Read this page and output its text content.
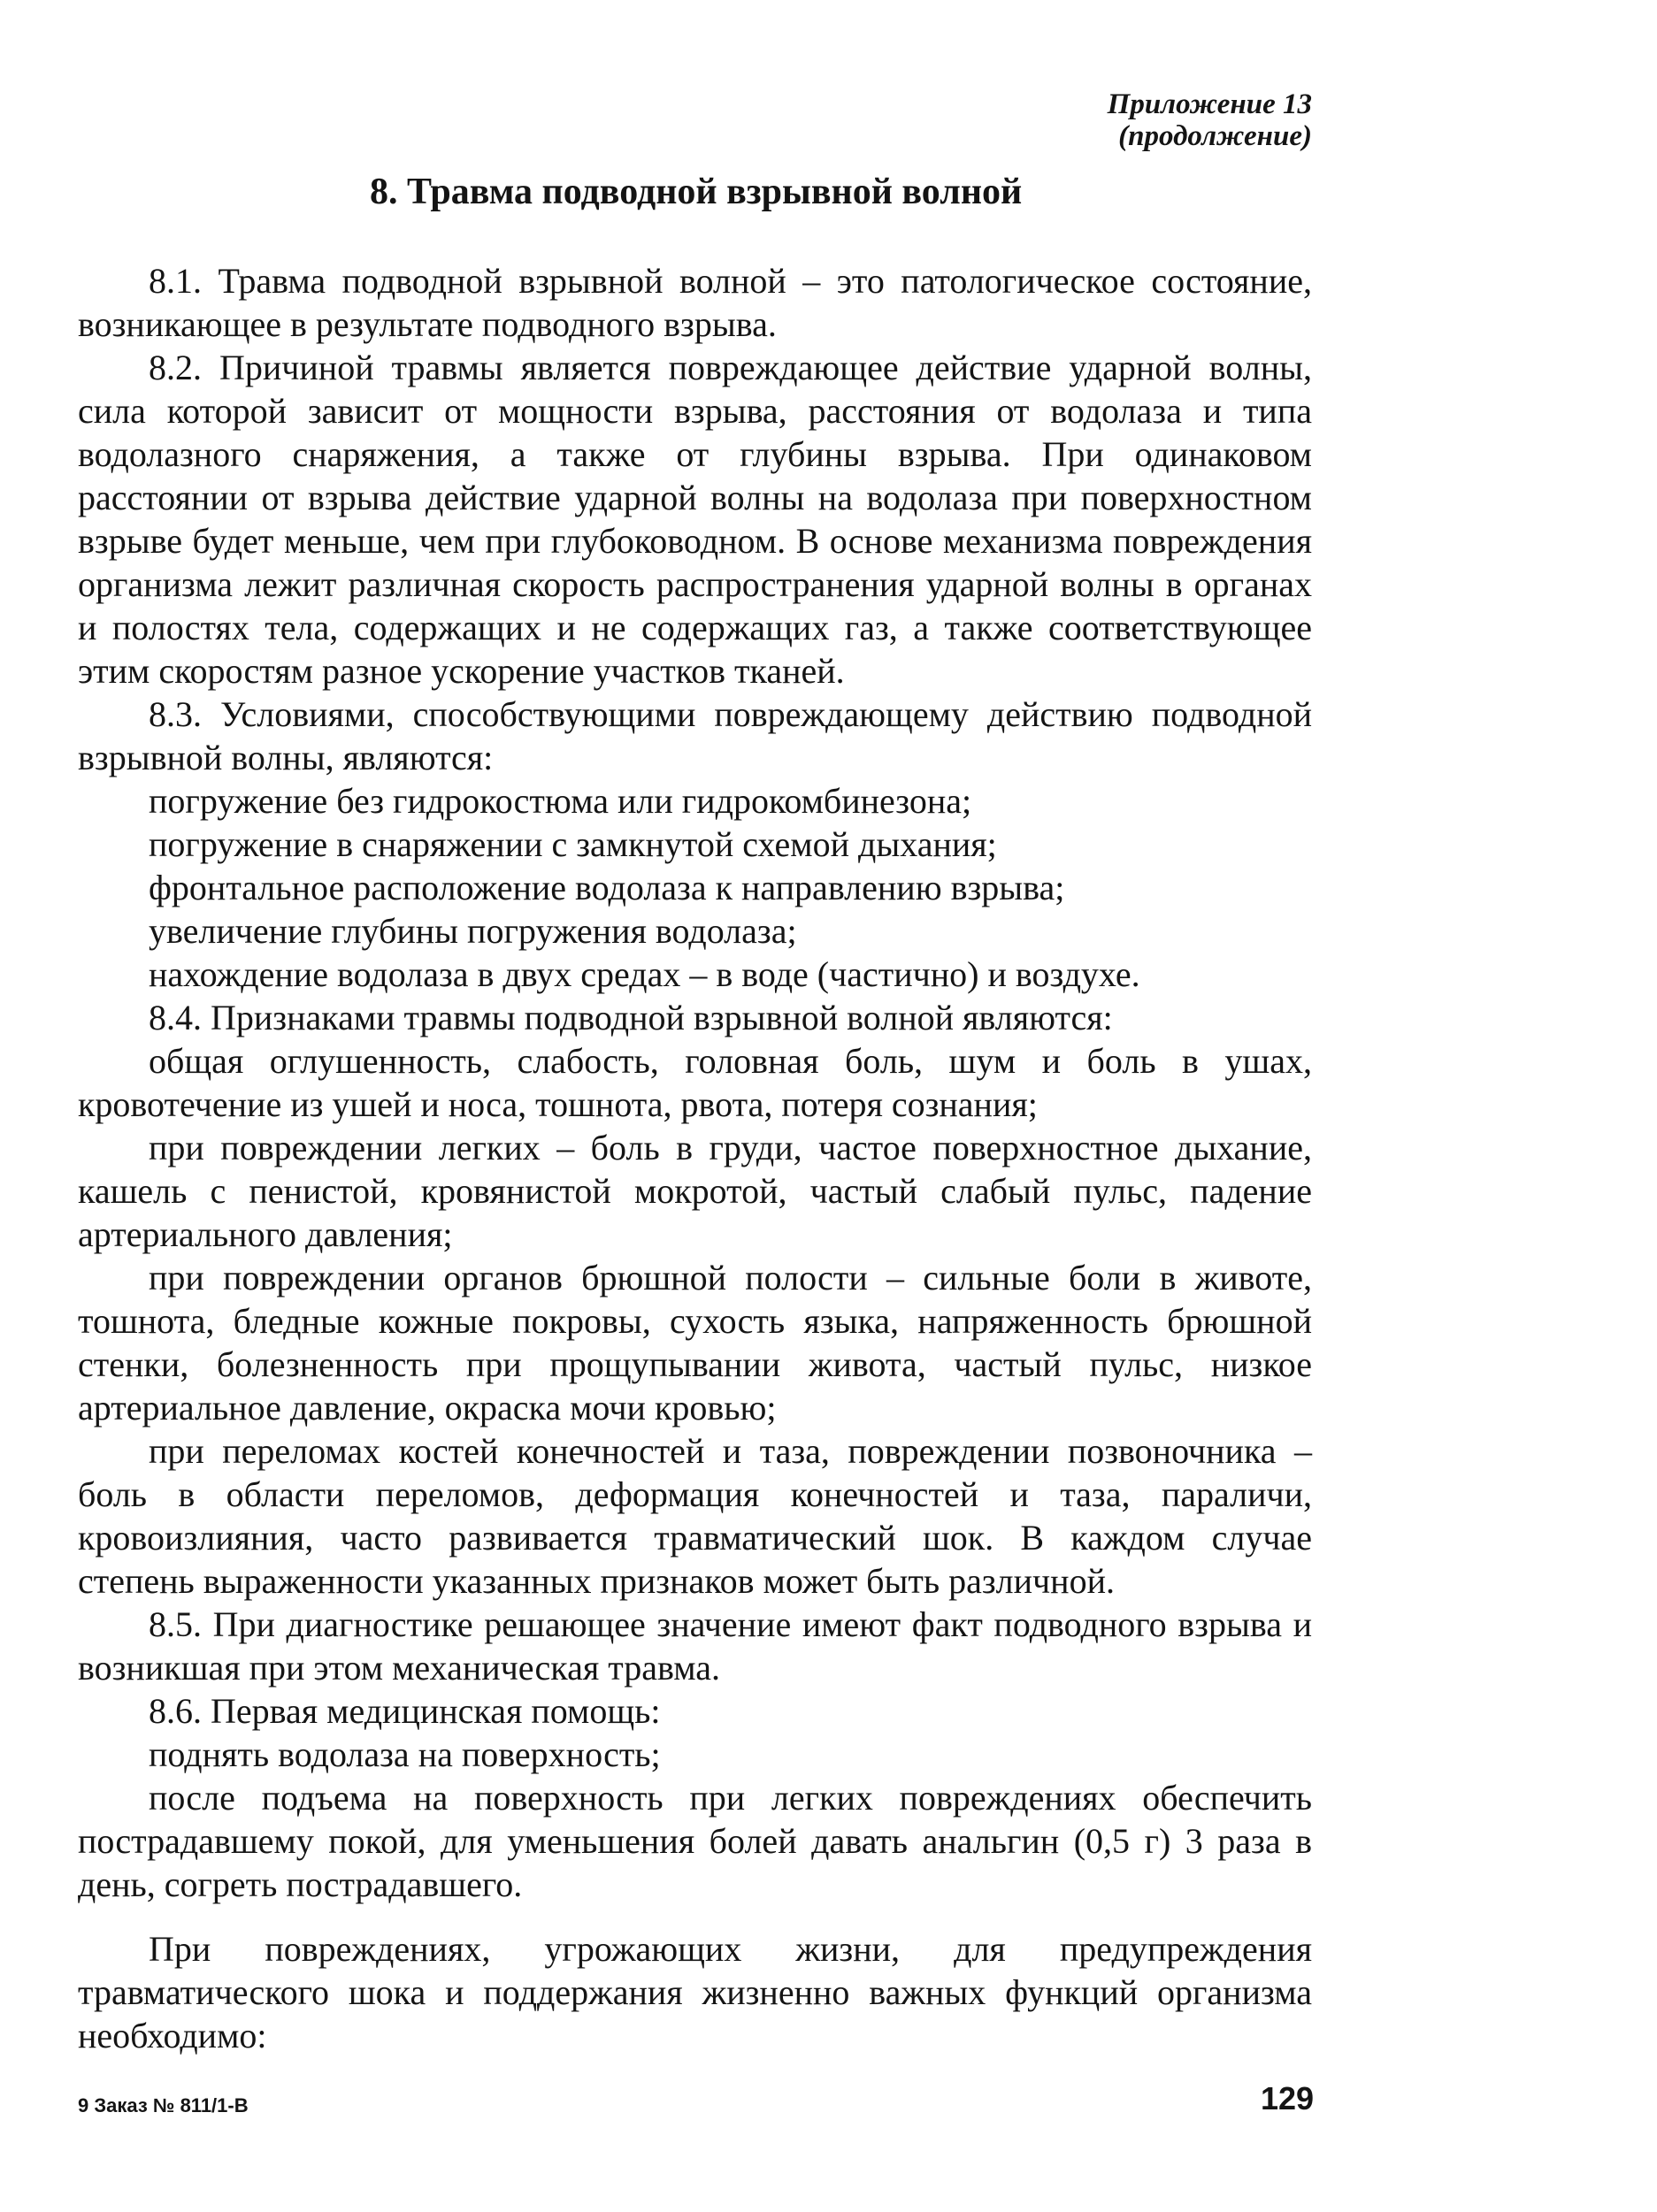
Приложение 13
(продолжение)
8. Травма подводной взрывной волной

8.1. Травма подводной взрывной волной – это патологическое состояние, возникающее в результате подводного взрыва.

8.2. Причиной травмы является повреждающее действие ударной волны, сила которой зависит от мощности взрыва, расстояния от водолаза и типа водолазного снаряжения, а также от глубины взрыва. При одинаковом расстоянии от взрыва действие ударной волны на водолаза при поверхностном взрыве будет меньше, чем при глубоководном. В основе механизма повреждения организма лежит различная скорость распространения ударной волны в органах и полостях тела, содержащих и не содержащих газ, а также соответствующее этим скоростям разное ускорение участков тканей.

8.3. Условиями, способствующими повреждающему действию подводной взрывной волны, являются:

погружение без гидрокостюма или гидрокомбинезона;

погружение в снаряжении с замкнутой схемой дыхания;

фронтальное расположение водолаза к направлению взрыва;

увеличение глубины погружения водолаза;

нахождение водолаза в двух средах – в воде (частично) и воздухе.

8.4. Признаками травмы подводной взрывной волной являются:

общая оглушенность, слабость, головная боль, шум и боль в ушах, кровотечение из ушей и носа, тошнота, рвота, потеря сознания;

при повреждении легких – боль в груди, частое поверхностное дыхание, кашель с пенистой, кровянистой мокротой, частый слабый пульс, падение артериального давления;

при повреждении органов брюшной полости – сильные боли в животе, тошнота, бледные кожные покровы, сухость языка, напряженность брюшной стенки, болезненность при прощупывании живота, частый пульс, низкое артериальное давление, окраска мочи кровью;

при переломах костей конечностей и таза, повреждении позвоночника – боль в области переломов, деформация конечностей и таза, параличи, кровоизлияния, часто развивается травматический шок. В каждом случае степень выраженности указанных признаков может быть различной.

8.5. При диагностике решающее значение имеют факт подводного взрыва и возникшая при этом механическая травма.

8.6. Первая медицинская помощь:

поднять водолаза на поверхность;

после подъема на поверхность при легких повреждениях обеспечить пострадавшему покой, для уменьшения болей давать анальгин (0,5 г) 3 раза в день, согреть пострадавшего.

При повреждениях, угрожающих жизни, для предупреждения травматического шока и поддержания жизненно важных функций организма необходимо:

9 Заказ № 811/1-В	129
